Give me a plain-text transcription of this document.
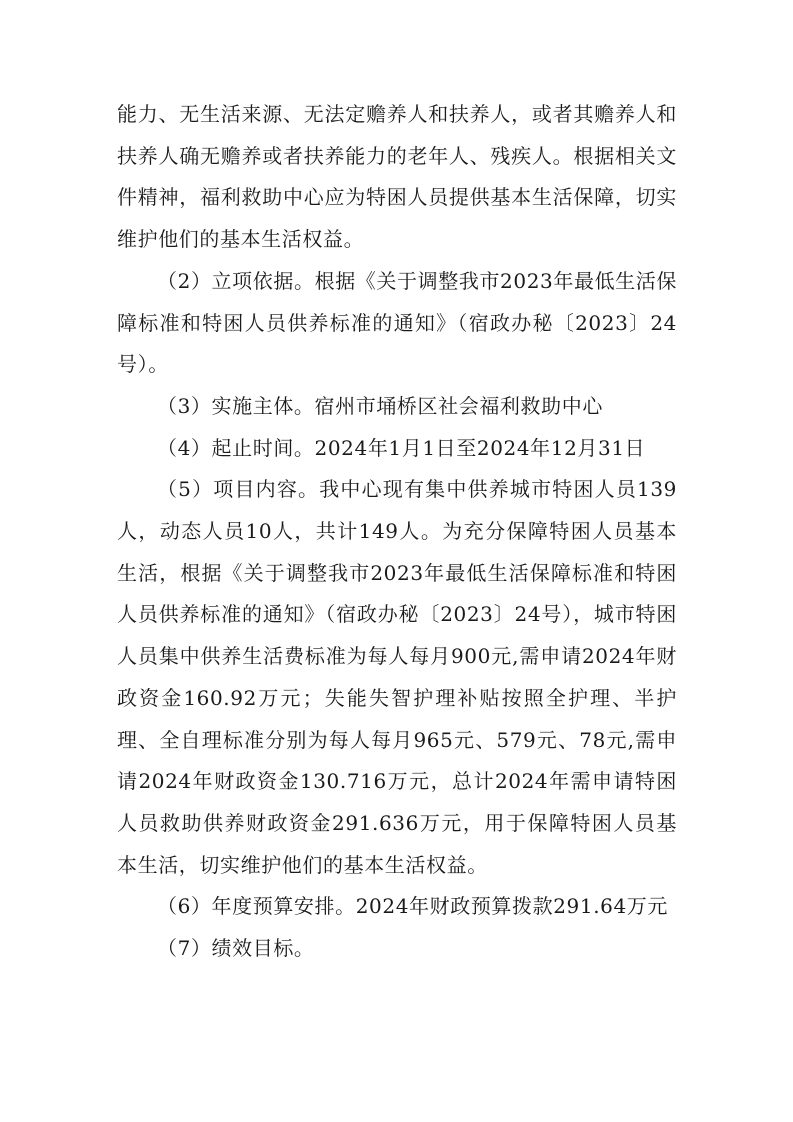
能力、无生活来源、无法定赡养人和扶养人，或者其赡养人和扶养人确无赡养或者扶养能力的老年人、残疾人。根据相关文件精神，福利救助中心应为特困人员提供基本生活保障，切实维护他们的基本生活权益。

（2）立项依据。根据《关于调整我市2023年最低生活保障标准和特困人员供养标准的通知》（宿政办秘〔2023〕24号）。

（3）实施主体。宿州市埇桥区社会福利救助中心

（4）起止时间。2024年1月1日至2024年12月31日

（5）项目内容。我中心现有集中供养城市特困人员139人，动态人员10人，共计149人。为充分保障特困人员基本生活，根据《关于调整我市2023年最低生活保障标准和特困人员供养标准的通知》（宿政办秘〔2023〕24号），城市特困人员集中供养生活费标准为每人每月900元,需申请2024年财政资金160.92万元；失能失智护理补贴按照全护理、半护理、全自理标准分别为每人每月965元、579元、78元,需申请2024年财政资金130.716万元，总计2024年需申请特困人员救助供养财政资金291.636万元，用于保障特困人员基本生活，切实维护他们的基本生活权益。

（6）年度预算安排。2024年财政预算拨款291.64万元

（7）绩效目标。
